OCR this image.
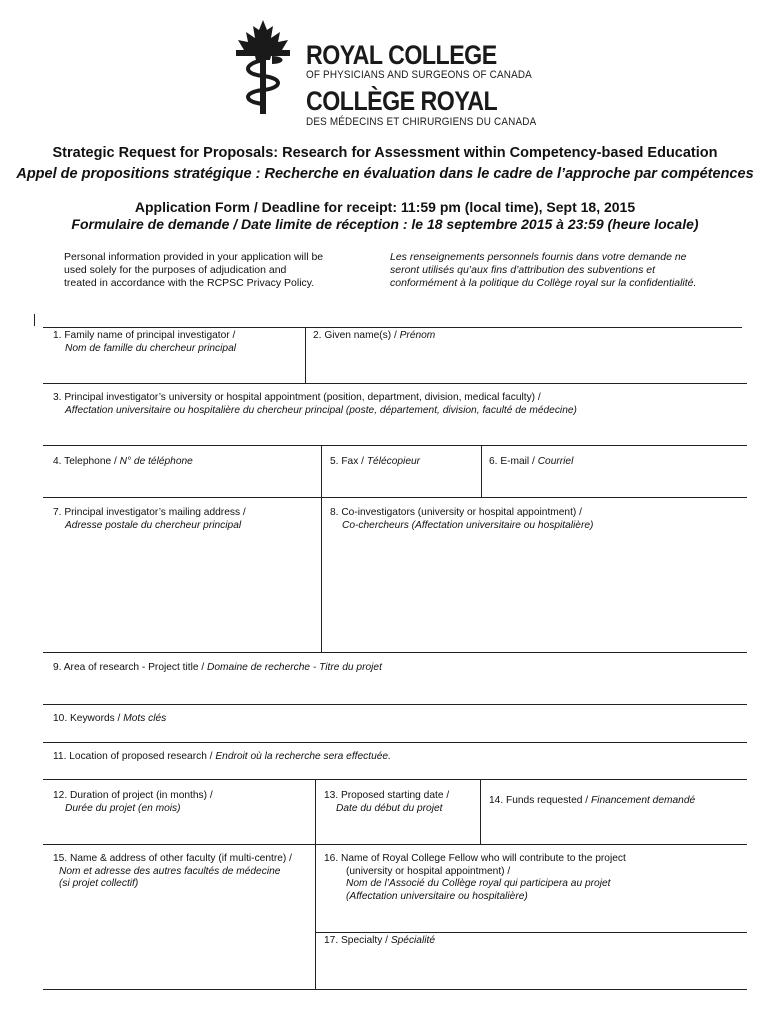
ROYAL COLLEGE
OF PHYSICIANS AND SURGEONS OF CANADA
COLLÈGE ROYAL
DES MÉDECINS ET CHIRURGIENS DU CANADA
Strategic Request for Proposals: Research for Assessment within Competency-based Education
Appel de propositions stratégique : Recherche en évaluation dans le cadre de l’approche par compétences
Application Form / Deadline for receipt: 11:59 pm (local time), Sept 18, 2015
Formulaire de demande / Date limite de réception : le 18 septembre 2015 à 23:59 (heure locale)
Personal information provided in your application will be
used solely for the purposes of adjudication and
treated in accordance with the RCPSC Privacy Policy.
Les renseignements personnels fournis dans votre demande ne
seront utilisés qu’aux fins d’attribution des subventions et
conformément à la politique du Collège royal sur la confidentialité.
1. Family name of principal investigator /
Nom de famille du chercheur principal
2. Given name(s) / Prénom
3. Principal investigator’s university or hospital appointment (position, department, division, medical faculty) /
Affectation universitaire ou hospitalière du chercheur principal (poste, département, division, faculté de médecine)
4. Telephone / N° de téléphone	5. Fax / Télécopieur	6. E-mail / Courriel
7. Principal investigator’s mailing address /
Adresse postale du chercheur principal
8. Co-investigators (university or hospital appointment) /
Co-chercheurs (Affectation universitaire ou hospitalière)
9. Area of research - Project title / Domaine de recherche - Titre du projet
10. Keywords / Mots clés
11. Location of proposed research / Endroit où la recherche sera effectuée.
12. Duration of project (in months) /
Durée du projet (en mois)
13. Proposed starting date /
Date du début du projet
14. Funds requested / Financement demandé
15. Name & address of other faculty (if multi-centre) /
Nom et adresse des autres facultés de médecine
(si projet collectif)
16. Name of Royal College Fellow who will contribute to the project
(university or hospital appointment) /
Nom de l’Associé du Collège royal qui participera au projet
(Affectation universitaire ou hospitalière)
17. Specialty / Spécialité
